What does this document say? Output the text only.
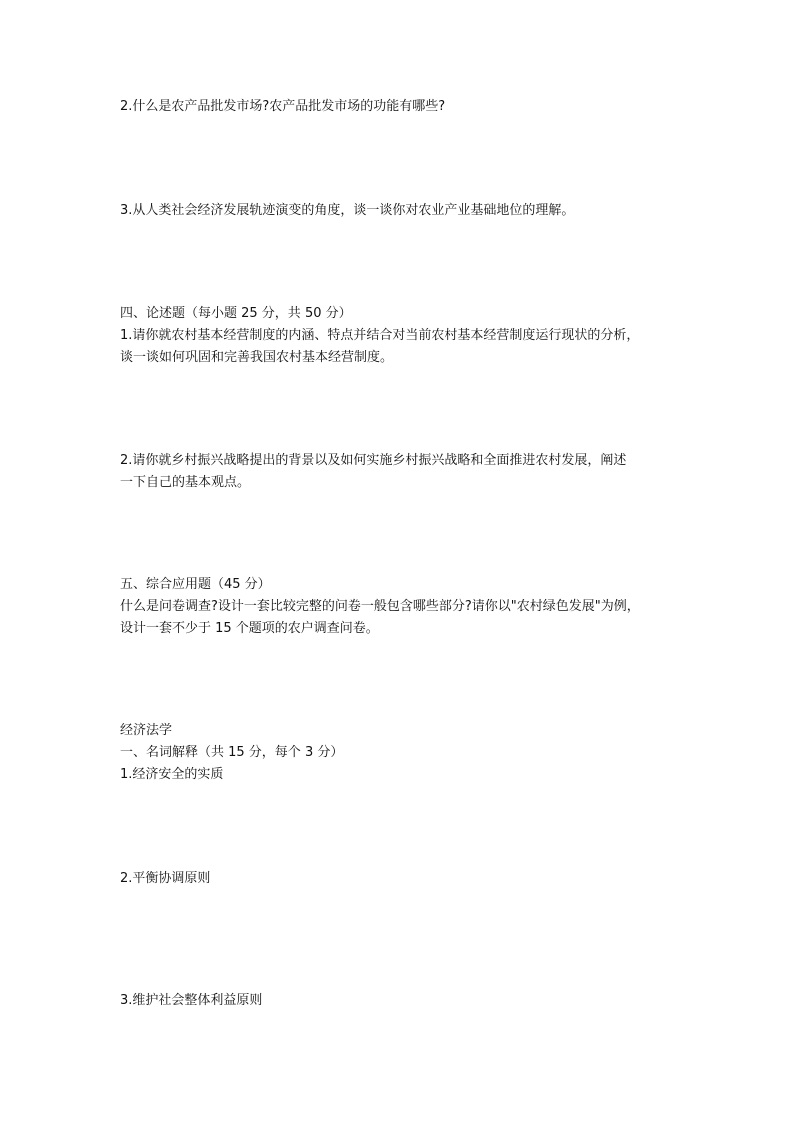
2.什么是农产品批发市场?农产品批发市场的功能有哪些?
3.从人类社会经济发展轨迹演变的角度，谈一谈你对农业产业基础地位的理解。
四、论述题（每小题 25 分，共 50 分）
1.请你就农村基本经营制度的内涵、特点并结合对当前农村基本经营制度运行现状的分析，
谈一谈如何巩固和完善我国农村基本经营制度。
2.请你就乡村振兴战略提出的背景以及如何实施乡村振兴战略和全面推进农村发展，阐述
一下自己的基本观点。
五、综合应用题（45 分）
什么是问卷调查?设计一套比较完整的问卷一般包含哪些部分?请你以"农村绿色发展"为例，
设计一套不少于 15 个题项的农户调查问卷。
经济法学
一、名词解释（共 15 分，每个 3 分）
1.经济安全的实质
2.平衡协调原则
3.维护社会整体利益原则
